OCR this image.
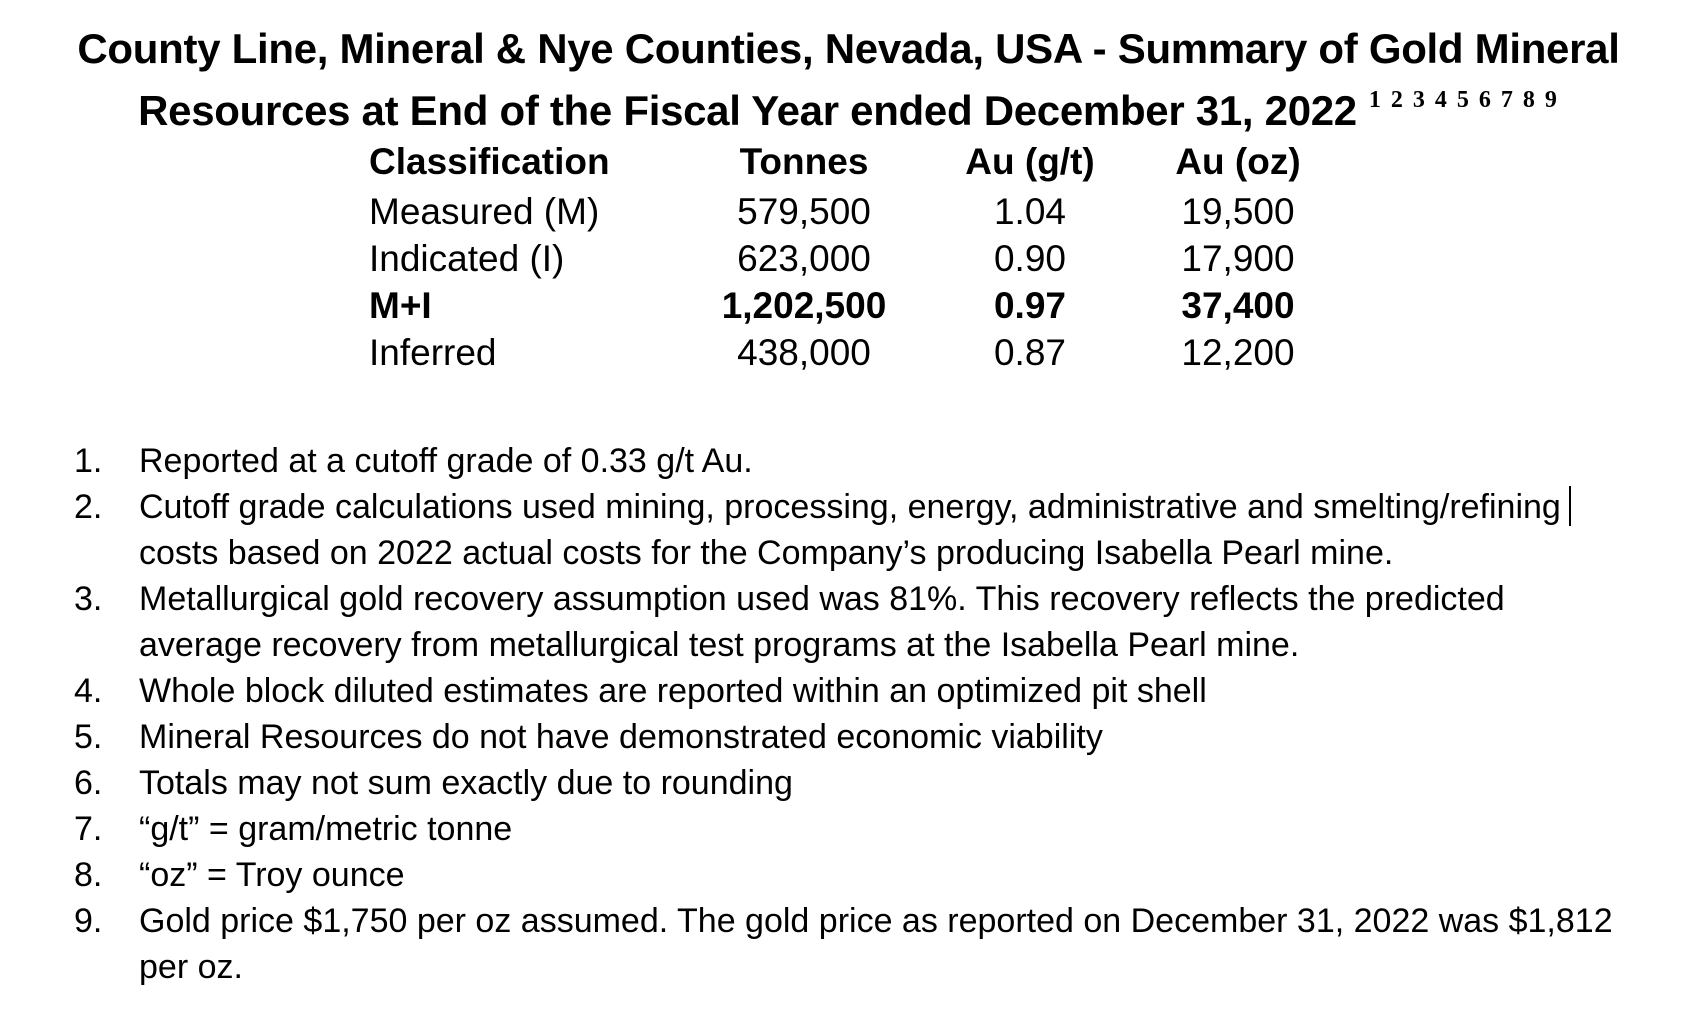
County Line, Mineral & Nye Counties, Nevada, USA - Summary of Gold Mineral
Resources at End of the Fiscal Year ended December 31, 2022 $^{1 2 3 4 5 6 7 8 9}$
Classification	Tonnes	Au (g/t)	Au (oz)
Measured (M)	579,500	1.04	19,500
Indicated (I)	623,000	0.90	17,900
M+I	1,202,500	0.97	37,400
Inferred	438,000	0.87	12,200
1.	Reported at a cutoff grade of 0.33 g/t Au.
2.	Cutoff grade calculations used mining, processing, energy, administrative and smelting/refining
costs based on 2022 actual costs for the Company’s producing Isabella Pearl mine.
3.	Metallurgical gold recovery assumption used was 81%. This recovery reflects the predicted
average recovery from metallurgical test programs at the Isabella Pearl mine.
4.	Whole block diluted estimates are reported within an optimized pit shell
5.	Mineral Resources do not have demonstrated economic viability
6.	Totals may not sum exactly due to rounding
7.	“g/t” = gram/metric tonne
8.	“oz” = Troy ounce
9.	Gold price $1,750 per oz assumed. The gold price as reported on December 31, 2022 was $1,812
per oz.
